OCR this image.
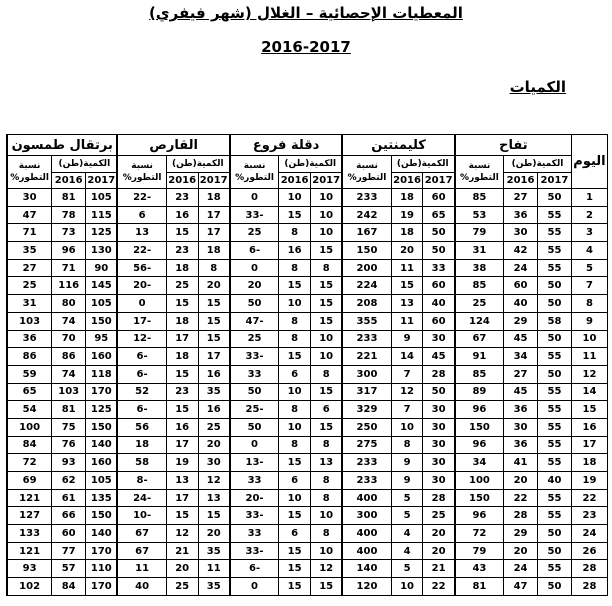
المعطيات الإحصائية – الغلال (شهر فيفري)
2016-2017
الكميات
اليوم	تفاح			كليمنتين			دقلة فروع			القارص			برتقال طمسون		
	الكمية(طن)		نسبة التطور%	الكمية(طن)		نسبة التطور%	الكمية(طن)		نسبة التطور%	الكمية(طن)		نسبة التطور%	الكمية(طن)		نسبة التطور%
	2017	2016		2017	2016		2017	2016		2017	2016		2017	2016	
1	50	27	85	60	18	233	10	10	0	18	23	-22	105	81	30
2	55	36	53	65	19	242	10	15	-33	17	16	6	115	78	47
3	55	30	79	50	18	167	10	8	25	17	15	13	125	73	71
4	55	42	31	50	20	150	15	16	-6	18	23	-22	130	96	35
5	55	24	38	33	11	200	8	8	0	8	18	-56	90	71	27
7	50	60	85	60	15	224	15	15	20	20	25	-20	145	116	25
8	50	40	25	40	13	208	15	10	50	15	15	0	105	80	31
9	58	29	124	60	11	355	15	8	-47	15	18	-17	150	74	103
10	50	45	67	30	9	233	10	8	25	15	17	-12	95	70	36
11	55	34	91	45	14	221	10	15	-33	17	18	-6	160	86	86
12	50	27	85	28	7	300	8	6	33	16	15	-6	118	74	59
14	55	45	89	50	12	317	15	10	50	35	23	52	170	103	65
15	55	36	96	30	7	329	6	8	-25	16	15	-6	125	81	54
16	55	30	150	30	10	250	15	10	50	25	16	56	150	75	100
17	55	36	96	30	8	275	8	8	0	20	17	18	140	76	84
18	55	41	34	30	9	233	13	15	-13	30	19	58	160	93	72
19	40	20	100	30	9	233	8	6	33	12	13	-8	105	62	69
22	55	22	150	28	5	400	8	10	-20	13	17	-24	135	61	121
23	55	28	96	25	5	300	10	15	-33	15	15	-10	150	66	127
24	50	29	72	20	4	400	8	6	33	20	12	67	140	60	133
26	50	20	79	20	4	400	10	15	-33	35	21	67	170	77	121
28	55	24	43	21	5	140	12	15	-6	11	20	11	110	57	93
28	50	47	81	22	10	120	15	15	0	35	25	40	170	84	102
